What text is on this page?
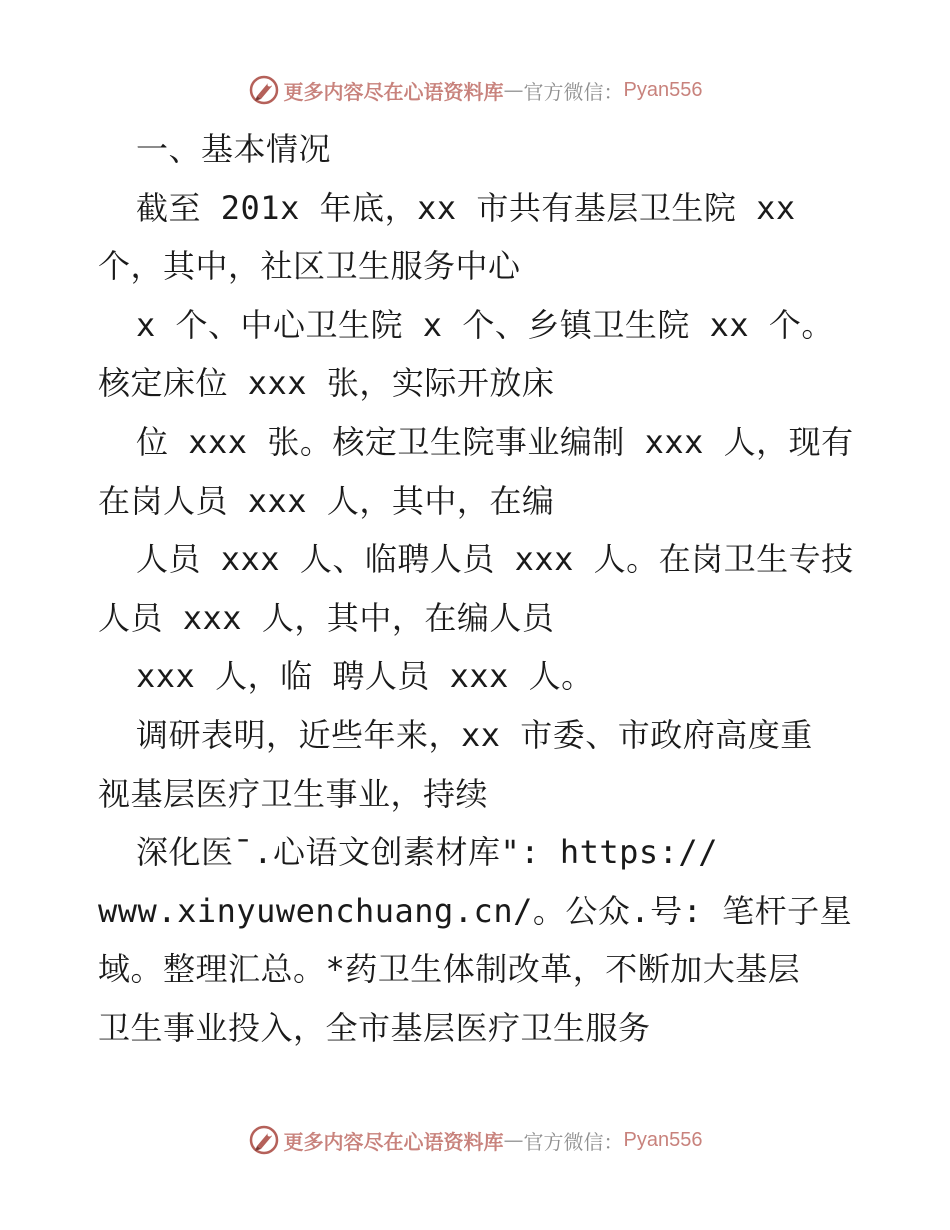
更多内容尽在心语资料库 — 官方微信： Pyan556
一、基本情况
截至 201x 年底，xx 市共有基层卫生院 xx
个，其中，社区卫生服务中心
x 个、中心卫生院 x 个、乡镇卫生院 xx 个。
核定床位 xxx 张，实际开放床
位 xxx 张。核定卫生院事业编制 xxx 人，现有
在岗人员 xxx 人，其中，在编
人员 xxx 人、临聘人员 xxx 人。在岗卫生专技
人员 xxx 人，其中，在编人员
xxx 人，临 聘人员 xxx 人。
调研表明，近些年来，xx 市委、市政府高度重
视基层医疗卫生事业，持续
深化医¯.心语文创素材库": https://
www.xinyuwenchuang.cn/。公众.号: 笔杆子星
域。整理汇总。*药卫生体制改革，不断加大基层
卫生事业投入，全市基层医疗卫生服务
更多内容尽在心语资料库 — 官方微信： Pyan556
